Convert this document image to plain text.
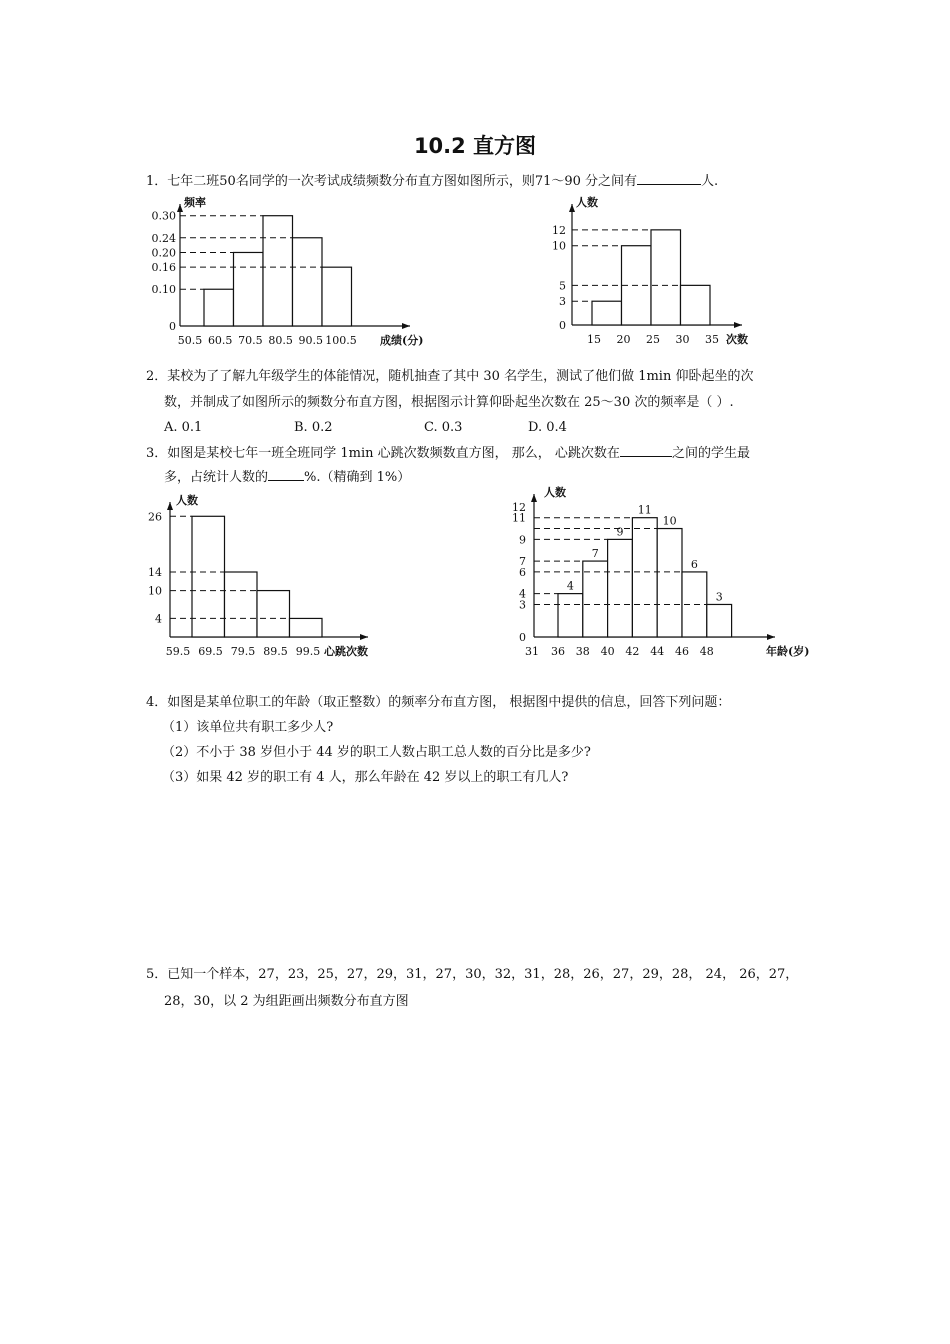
10.2 直方图
1．七年二班50名同学的一次考试成绩频数分布直方图如图所示，则71～90 分之间有	人.
频率
成绩(分)
0
0.10
0.16
0.20
0.24
0.30
50.5 60.5 70.5 80.5 90.5 100.5
人数
次数
0
3
5
10
12
15 20 25 30 35
2．某校为了了解九年级学生的体能情况，随机抽查了其中 30 名学生，测试了他们做 1min 仰卧起坐的次
数，并制成了如图所示的频数分布直方图，根据图示计算仰卧起坐次数在 25～30 次的频率是（ ）.
A. 0.1	B. 0.2	C. 0.3	D. 0.4
3．如图是某校七年一班全班同学 1min 心跳次数频数直方图， 那么， 心跳次数在	之间的学生最
多，占统计人数的	%.（精确到 1%）
人数
心跳次数
4
10
14
26
59.5 69.5 79.5 89.5 99.5
人数
年龄(岁)
4
7
9
11
10
6
3
0
3
4
6
7
9
11
12
31 36 38 40 42 44 46 48
4．如图是某单位职工的年龄（取正整数）的频率分布直方图， 根据图中提供的信息，回答下列问题：
（1）该单位共有职工多少人?
（2）不小于 38 岁但小于 44 岁的职工人数占职工总人数的百分比是多少?
（3）如果 42 岁的职工有 4 人，那么年龄在 42 岁以上的职工有几人?
5．已知一个样本，27，23，25，27，29，31，27，30，32，31，28，26，27，29，28， 24， 26，27，
28，30，以 2 为组距画出频数分布直方图
